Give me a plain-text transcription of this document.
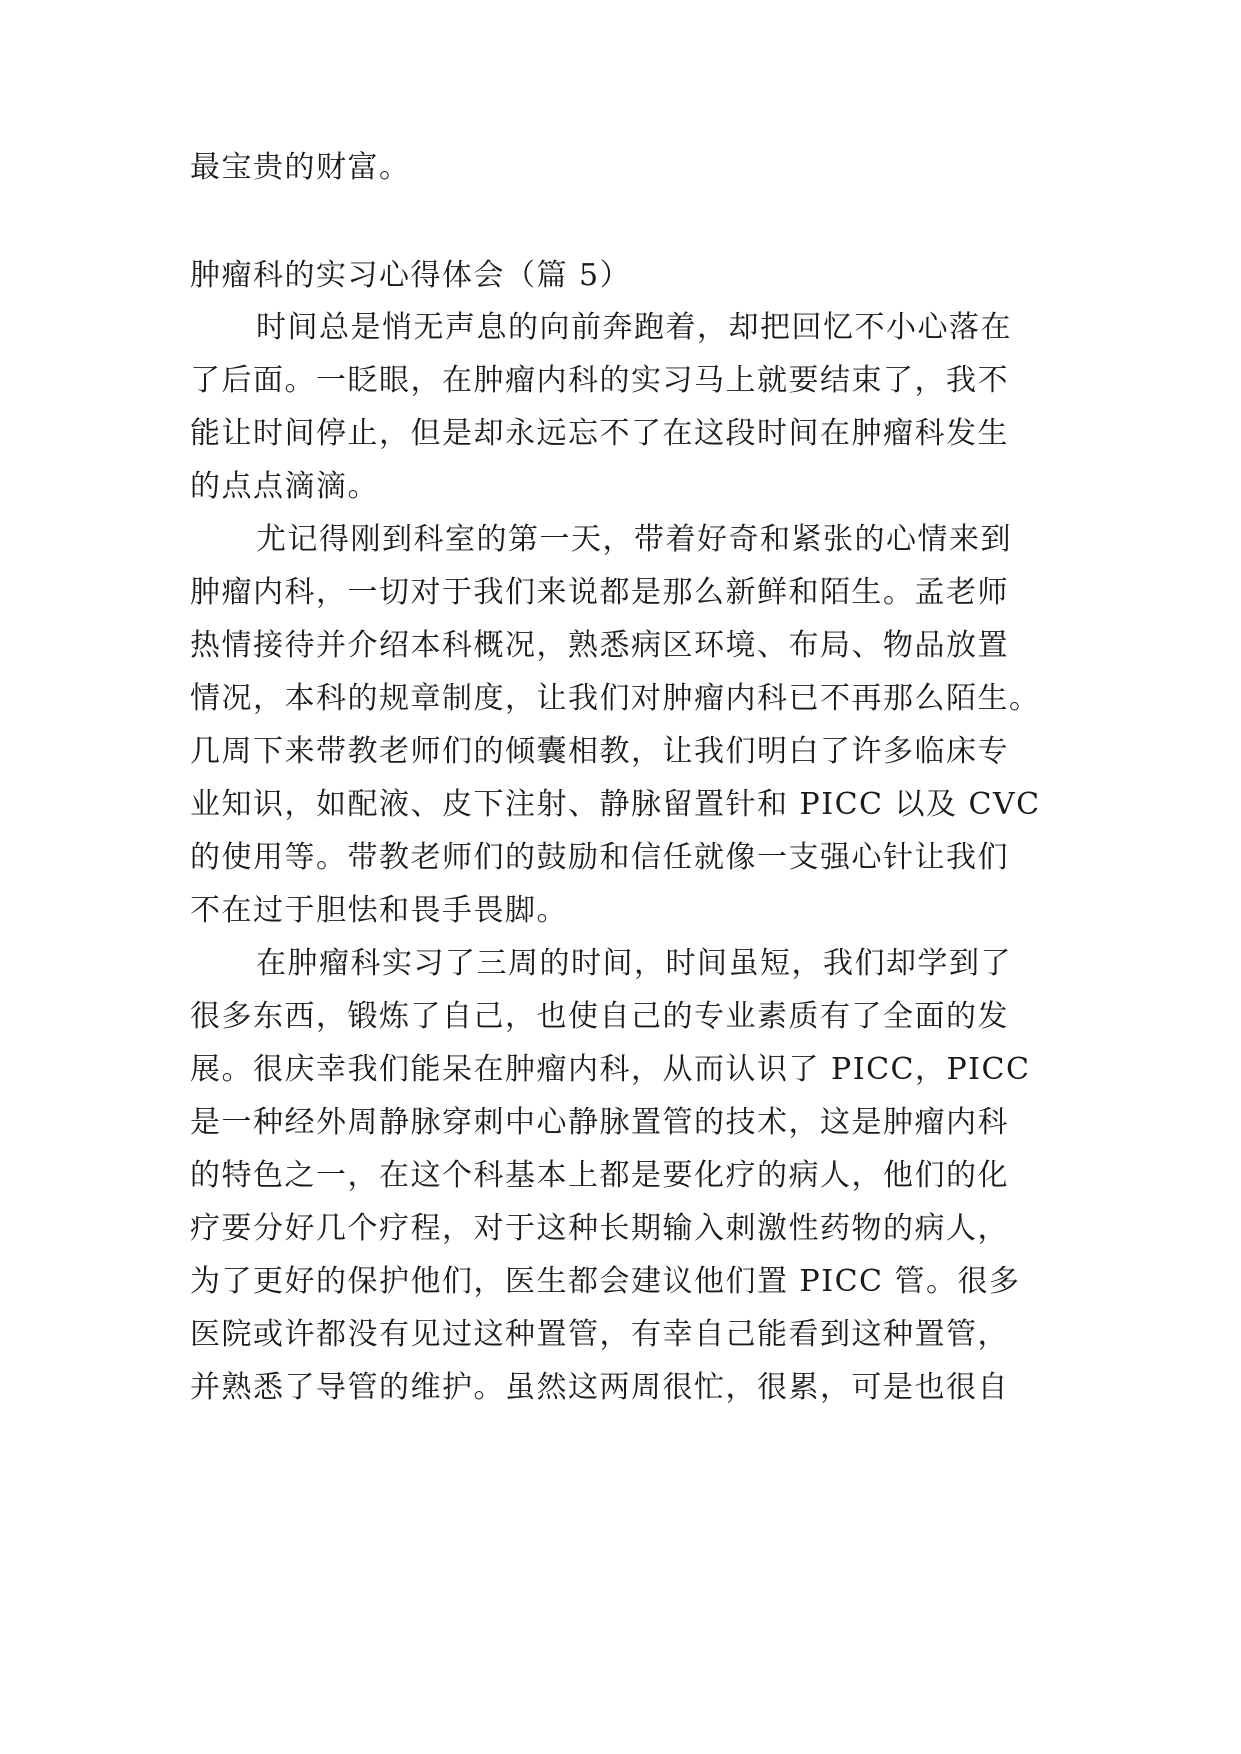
最宝贵的财富。
肿瘤科的实习心得体会（篇 5）
时间总是悄无声息的向前奔跑着，却把回忆不小心落在
了后面。一眨眼，在肿瘤内科的实习马上就要结束了，我不
能让时间停止，但是却永远忘不了在这段时间在肿瘤科发生
的点点滴滴。
尤记得刚到科室的第一天，带着好奇和紧张的心情来到
肿瘤内科，一切对于我们来说都是那么新鲜和陌生。孟老师
热情接待并介绍本科概况，熟悉病区环境、布局、物品放置
情况，本科的规章制度，让我们对肿瘤内科已不再那么陌生。
几周下来带教老师们的倾囊相教，让我们明白了许多临床专
业知识，如配液、皮下注射、静脉留置针和 PICC 以及 CVC
的使用等。带教老师们的鼓励和信任就像一支强心针让我们
不在过于胆怯和畏手畏脚。
在肿瘤科实习了三周的时间，时间虽短，我们却学到了
很多东西，锻炼了自己，也使自己的专业素质有了全面的发
展。很庆幸我们能呆在肿瘤内科，从而认识了 PICC，PICC
是一种经外周静脉穿刺中心静脉置管的技术，这是肿瘤内科
的特色之一，在这个科基本上都是要化疗的病人，他们的化
疗要分好几个疗程，对于这种长期输入刺激性药物的病人，
为了更好的保护他们，医生都会建议他们置 PICC 管。很多
医院或许都没有见过这种置管，有幸自己能看到这种置管，
并熟悉了导管的维护。虽然这两周很忙，很累，可是也很自
